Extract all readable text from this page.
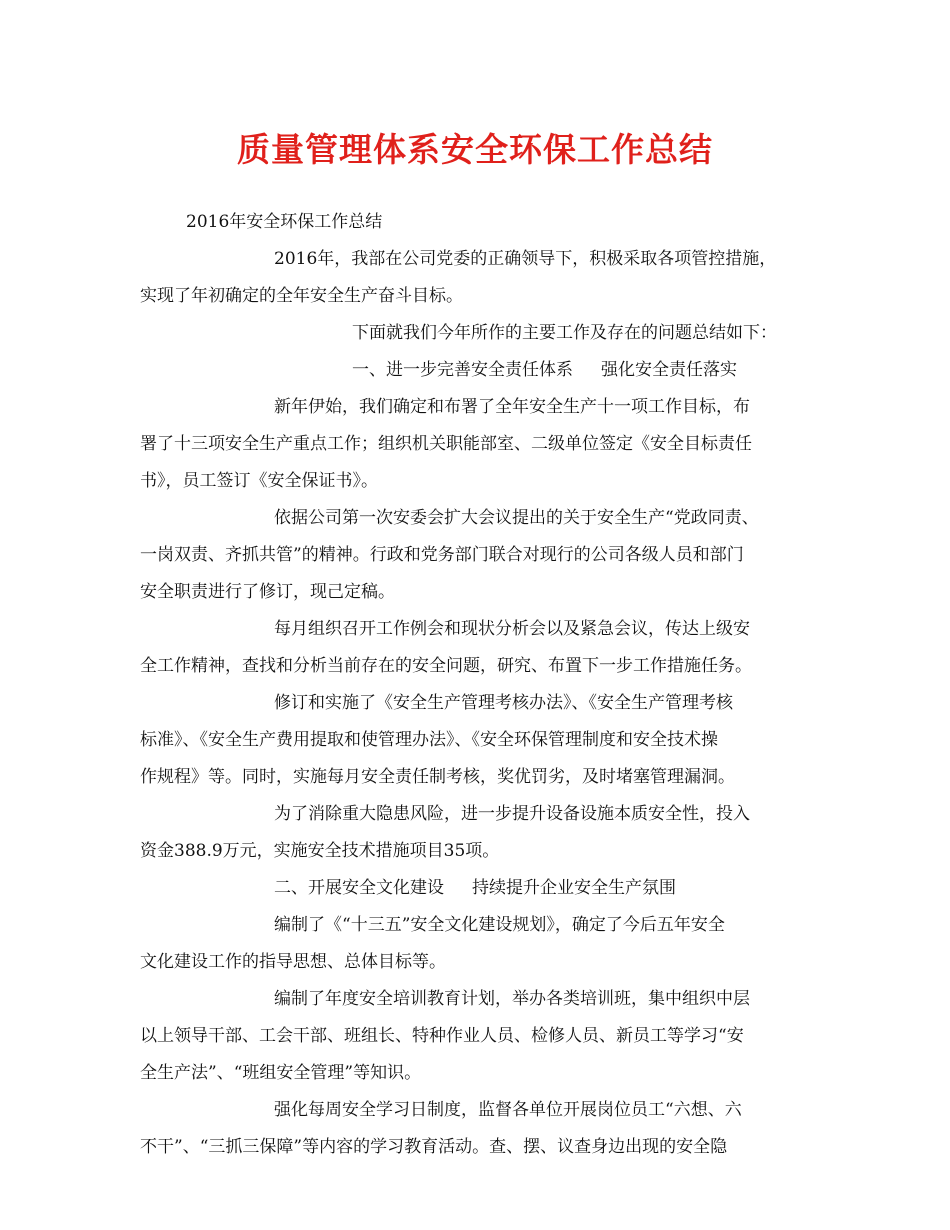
质量管理体系安全环保工作总结
2016年安全环保工作总结
2016年，我部在公司党委的正确领导下，积极采取各项管控措施，
实现了年初确定的全年安全生产奋斗目标。
下面就我们今年所作的主要工作及存在的问题总结如下：
一、进一步完善安全责任体系 强化安全责任落实
新年伊始，我们确定和布署了全年安全生产十一项工作目标，布
署了十三项安全生产重点工作；组织机关职能部室、二级单位签定《安全目标责任
书》，员工签订《安全保证书》。
依据公司第一次安委会扩大会议提出的关于安全生产“党政同责、
一岗双责、齐抓共管”的精神。行政和党务部门联合对现行的公司各级人员和部门
安全职责进行了修订，现己定稿。
每月组织召开工作例会和现状分析会以及紧急会议，传达上级安
全工作精神，查找和分析当前存在的安全问题，研究、布置下一步工作措施任务。
修订和实施了《安全生产管理考核办法》、《安全生产管理考核
标准》、《安全生产费用提取和使管理办法》、《安全环保管理制度和安全技术操
作规程》等。同时，实施每月安全责任制考核，奖优罚劣，及时堵塞管理漏洞。
为了消除重大隐患风险，进一步提升设备设施本质安全性，投入
资金388.9万元，实施安全技术措施项目35项。
二、开展安全文化建设 持续提升企业安全生产氛围
编制了《“十三五”安全文化建设规划》，确定了今后五年安全
文化建设工作的指导思想、总体目标等。
编制了年度安全培训教育计划，举办各类培训班，集中组织中层
以上领导干部、工会干部、班组长、特种作业人员、检修人员、新员工等学习“安
全生产法”、“班组安全管理”等知识。
强化每周安全学习日制度，监督各单位开展岗位员工“六想、六
不干”、“三抓三保障”等内容的学习教育活动。查、摆、议查身边出现的安全隐
